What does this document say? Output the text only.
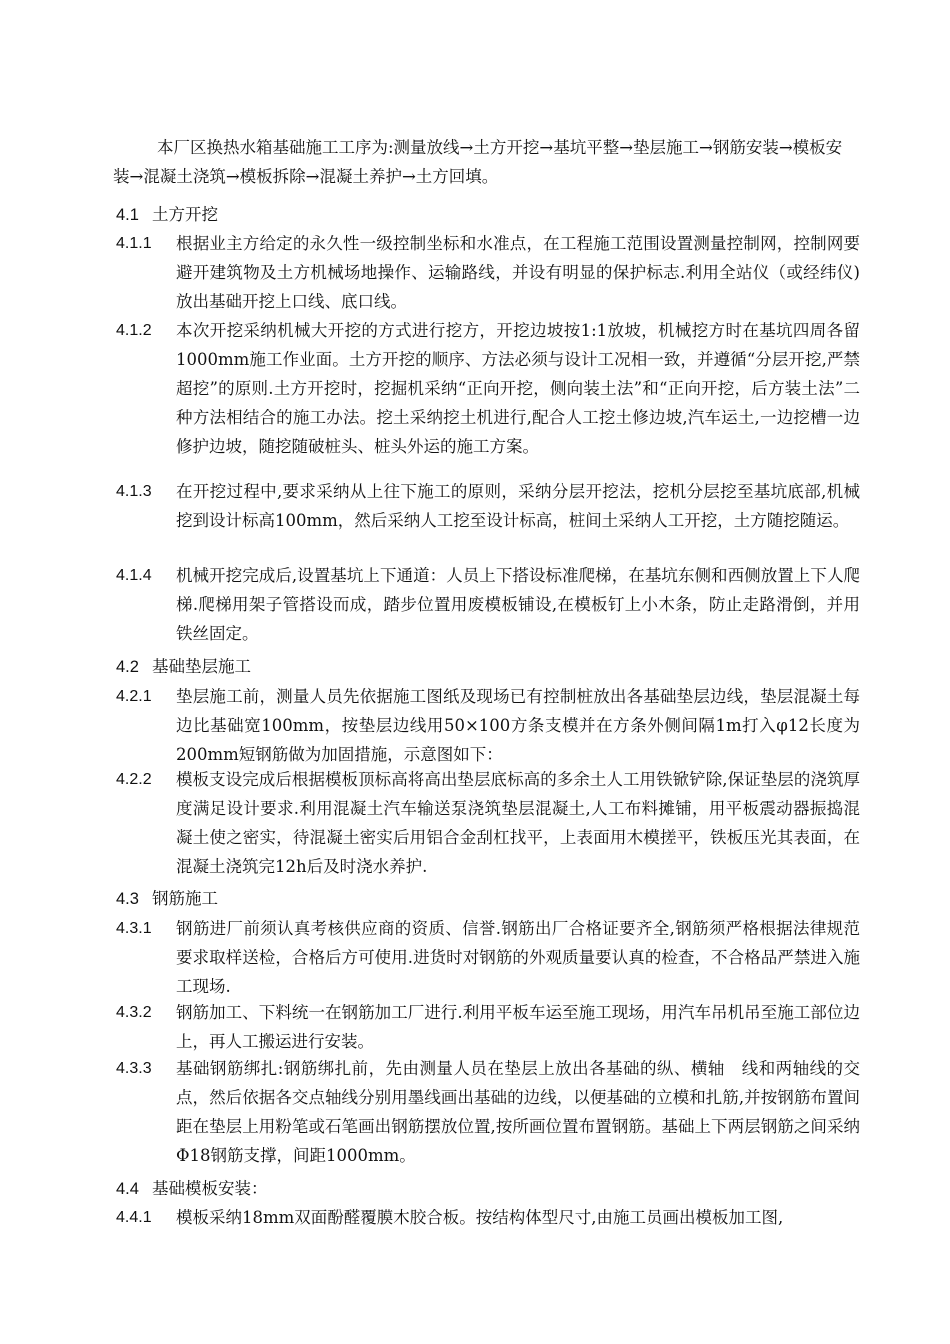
本厂区换热水箱基础施工工序为:测量放线→土方开挖→基坑平整→垫层施工→钢筋安装→模板安装→混凝土浇筑→模板拆除→混凝土养护→土方回填。

4.1 土方开挖
4.1.1	根据业主方给定的永久性一级控制坐标和水准点，在工程施工范围设置测量控制网，控制网要避开建筑物及土方机械场地操作、运输路线，并设有明显的保护标志.利用全站仪（或经纬仪)放出基础开挖上口线、底口线。
4.1.2	本次开挖采纳机械大开挖的方式进行挖方，开挖边坡按1:1放坡，机械挖方时在基坑四周各留1000mm施工作业面。土方开挖的顺序、方法必须与设计工况相一致，并遵循“分层开挖,严禁超挖”的原则.土方开挖时，挖掘机采纳“正向开挖，侧向装土法”和“正向开挖，后方装土法”二种方法相结合的施工办法。挖土采纳挖土机进行,配合人工挖土修边坡,汽车运土,一边挖槽一边修护边坡，随挖随破桩头、桩头外运的施工方案。
4.1.3	在开挖过程中,要求采纳从上往下施工的原则，采纳分层开挖法，挖机分层挖至基坑底部,机械挖到设计标高100mm，然后采纳人工挖至设计标高，桩间土采纳人工开挖，土方随挖随运。
4.1.4	机械开挖完成后,设置基坑上下通道：人员上下搭设标准爬梯，在基坑东侧和西侧放置上下人爬梯.爬梯用架子管搭设而成，踏步位置用废模板铺设,在模板钉上小木条，防止走路滑倒，并用铁丝固定。
4.2 基础垫层施工
4.2.1	垫层施工前，测量人员先依据施工图纸及现场已有控制桩放出各基础垫层边线，垫层混凝土每边比基础宽100mm，按垫层边线用50×100方条支模并在方条外侧间隔1m打入φ12长度为200mm短钢筋做为加固措施，示意图如下：
4.2.2	模板支设完成后根据模板顶标高将高出垫层底标高的多余土人工用铁锨铲除,保证垫层的浇筑厚度满足设计要求.利用混凝土汽车输送泵浇筑垫层混凝土,人工布料摊铺，用平板震动器振捣混凝土使之密实，待混凝土密实后用铝合金刮杠找平，上表面用木模搓平，铁板压光其表面，在混凝土浇筑完12h后及时浇水养护.
4.3 钢筋施工
4.3.1	钢筋进厂前须认真考核供应商的资质、信誉.钢筋出厂合格证要齐全,钢筋须严格根据法律规范要求取样送检，合格后方可使用.进货时对钢筋的外观质量要认真的检查，不合格品严禁进入施工现场.
4.3.2	钢筋加工、下料统一在钢筋加工厂进行.利用平板车运至施工现场，用汽车吊机吊至施工部位边上，再人工搬运进行安装。
4.3.3	基础钢筋绑扎:钢筋绑扎前，先由测量人员在垫层上放出各基础的纵、横轴　线和两轴线的交点，然后依据各交点轴线分别用墨线画出基础的边线，以便基础的立模和扎筋,并按钢筋布置间距在垫层上用粉笔或石笔画出钢筋摆放位置,按所画位置布置钢筋。基础上下两层钢筋之间采纳Φ18钢筋支撑，间距1000mm。
4.4 基础模板安装：
4.4.1	模板采纳18mm双面酚醛覆膜木胶合板。按结构体型尺寸,由施工员画出模板加工图,
